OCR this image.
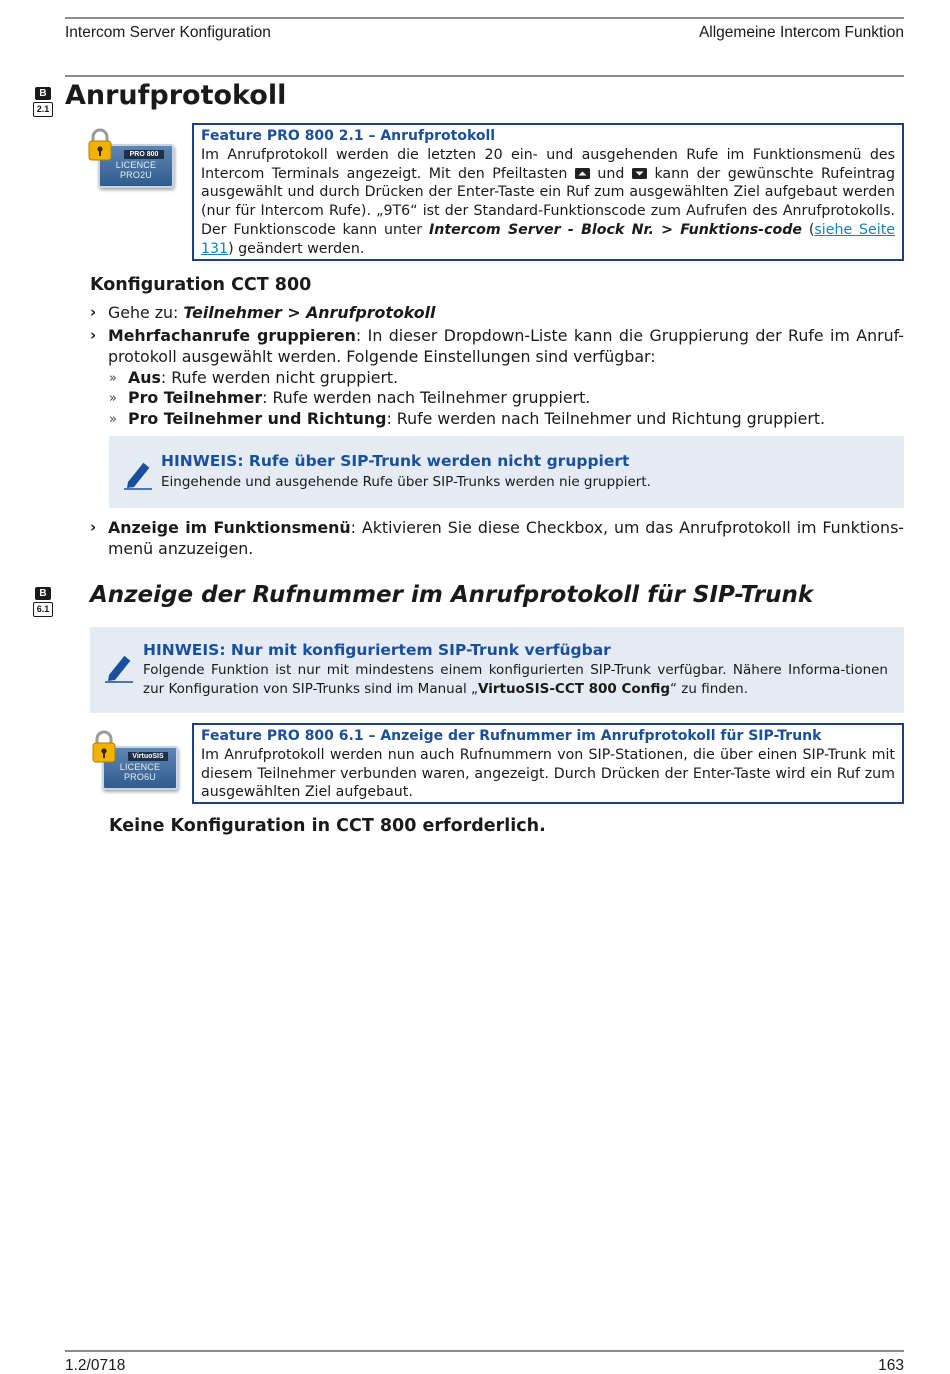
Intercom Server Konfiguration	Allgemeine Intercom Funktion
B
2.1 Anrufprotokoll
PRO 800
LICENCE PRO2U
Feature PRO 800 2.1 – Anrufprotokoll
Im Anrufprotokoll werden die letzten 20 ein- und ausgehenden Rufe im Funktionsmenü des Intercom Terminals angezeigt. Mit den Pfeiltasten und kann der gewünschte Rufeintrag ausgewählt und durch Drücken der Enter-Taste ein Ruf zum ausgewählten Ziel aufgebaut werden (nur für Intercom Rufe). „9T6“ ist der Standard-Funktionscode zum Aufrufen des Anrufprotokolls. Der Funktionscode kann unter Intercom Server - Block Nr. > Funktions-code (siehe Seite 131) geändert werden.
Konfiguration CCT 800
› Gehe zu: Teilnehmer > Anrufprotokoll
› Mehrfachanrufe gruppieren: In dieser Dropdown-Liste kann die Gruppierung der Rufe im Anruf-protokoll ausgewählt werden. Folgende Einstellungen sind verfügbar:
» Aus: Rufe werden nicht gruppiert.
» Pro Teilnehmer: Rufe werden nach Teilnehmer gruppiert.
» Pro Teilnehmer und Richtung: Rufe werden nach Teilnehmer und Richtung gruppiert.
HINWEIS: Rufe über SIP-Trunk werden nicht gruppiert
Eingehende und ausgehende Rufe über SIP-Trunks werden nie gruppiert.
› Anzeige im Funktionsmenü: Aktivieren Sie diese Checkbox, um das Anrufprotokoll im Funktions-menü anzuzeigen.
B
6.1
Anzeige der Rufnummer im Anrufprotokoll für SIP-Trunk
HINWEIS: Nur mit konfiguriertem SIP-Trunk verfügbar
Folgende Funktion ist nur mit mindestens einem konfigurierten SIP-Trunk verfügbar. Nähere Informa-tionen zur Konfiguration von SIP-Trunks sind im Manual „VirtuoSIS-CCT 800 Config“ zu finden.
VirtuoSIS
LICENCE PRO6U
Feature PRO 800 6.1 – Anzeige der Rufnummer im Anrufprotokoll für SIP-Trunk
Im Anrufprotokoll werden nun auch Rufnummern von SIP-Stationen, die über einen SIP-Trunk mit diesem Teilnehmer verbunden waren, angezeigt. Durch Drücken der Enter-Taste wird ein Ruf zum ausgewählten Ziel aufgebaut.
Keine Konfiguration in CCT 800 erforderlich.
1.2/0718	163
